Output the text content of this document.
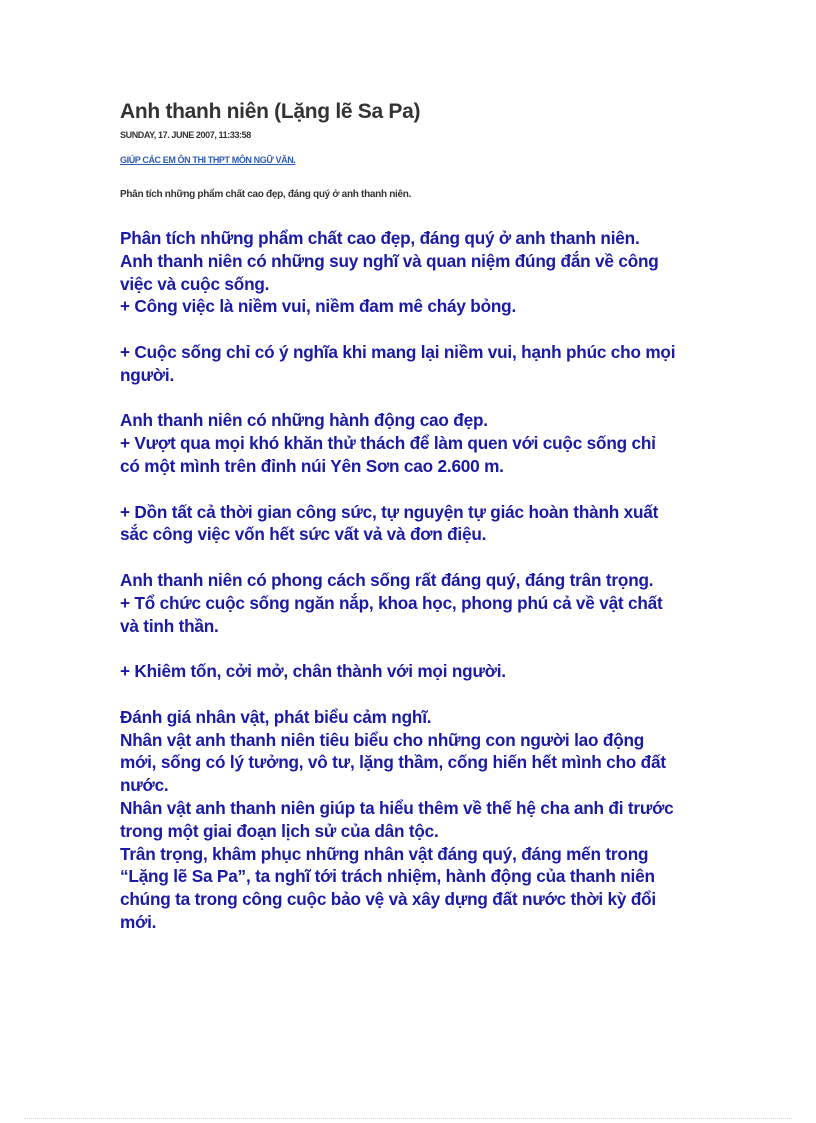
Anh thanh niên (Lặng lẽ Sa Pa)
SUNDAY, 17. JUNE 2007, 11:33:58
GIÚP CÁC EM ÔN THI THPT MÔN NGỮ VĂN.

Phân tích những phẩm chất cao đẹp, đáng quý ở anh thanh niên.

Phân tích những phẩm chất cao đẹp, đáng quý ở anh thanh niên.
Anh thanh niên có những suy nghĩ và quan niệm đúng đắn về công
việc và cuộc sống.
+ Công việc là niềm vui, niềm đam mê cháy bỏng.
+ Cuộc sống chỉ có ý nghĩa khi mang lại niềm vui, hạnh phúc cho mọi
người.
Anh thanh niên có những hành động cao đẹp.
+ Vượt qua mọi khó khăn thử thách để làm quen với cuộc sống chỉ
có một mình trên đỉnh núi Yên Sơn cao 2.600 m.
+ Dồn tất cả thời gian công sức, tự nguyện tự giác hoàn thành xuất
sắc công việc vốn hết sức vất vả và đơn điệu.
Anh thanh niên có phong cách sống rất đáng quý, đáng trân trọng.
+ Tổ chức cuộc sống ngăn nắp, khoa học, phong phú cả về vật chất
và tinh thần.
+ Khiêm tốn, cởi mở, chân thành với mọi người.
Đánh giá nhân vật, phát biểu cảm nghĩ.
Nhân vật anh thanh niên tiêu biểu cho những con người lao động
mới, sống có lý tưởng, vô tư, lặng thầm, cống hiến hết mình cho đất
nước.
Nhân vật anh thanh niên giúp ta hiểu thêm về thế hệ cha anh đi trước
trong một giai đoạn lịch sử của dân tộc.
Trân trọng, khâm phục những nhân vật đáng quý, đáng mến trong
“Lặng lẽ Sa Pa”, ta nghĩ tới trách nhiệm, hành động của thanh niên
chúng ta trong công cuộc bảo vệ và xây dựng đất nước thời kỳ đổi
mới.
